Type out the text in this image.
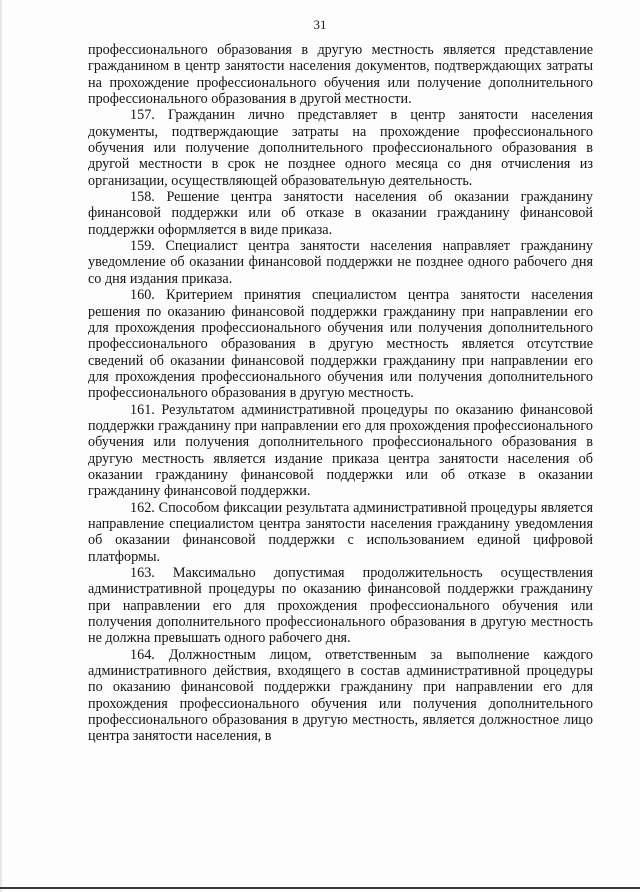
31

профессионального образования в другую местность является представление гражданином в центр занятости населения документов, подтверждающих затраты на прохождение профессионального обучения или получение дополнительного профессионального образования в другой местности.

157. Гражданин лично представляет в центр занятости населения документы, подтверждающие затраты на прохождение профессионального обучения или получение дополнительного профессионального образования в другой местности в срок не позднее одного месяца со дня отчисления из организации, осуществляющей образовательную деятельность.

158. Решение центра занятости населения об оказании гражданину финансовой поддержки или об отказе в оказании гражданину финансовой поддержки оформляется в виде приказа.

159. Специалист центра занятости населения направляет гражданину уведомление об оказании финансовой поддержки не позднее одного рабочего дня со дня издания приказа.

160. Критерием принятия специалистом центра занятости населения решения по оказанию финансовой поддержки гражданину при направлении его для прохождения профессионального обучения или получения дополнительного профессионального образования в другую местность является отсутствие сведений об оказании финансовой поддержки гражданину при направлении его для прохождения профессионального обучения или получения дополнительного профессионального образования в другую местность.

161. Результатом административной процедуры по оказанию финансовой поддержки гражданину при направлении его для прохождения профессионального обучения или получения дополнительного профессионального образования в другую местность является издание приказа центра занятости населения об оказании гражданину финансовой поддержки или об отказе в оказании гражданину финансовой поддержки.

162. Способом фиксации результата административной процедуры является направление специалистом центра занятости населения гражданину уведомления об оказании финансовой поддержки с использованием единой цифровой платформы.

163. Максимально допустимая продолжительность осуществления административной процедуры по оказанию финансовой поддержки гражданину при направлении его для прохождения профессионального обучения или получения дополнительного профессионального образования в другую местность не должна превышать одного рабочего дня.

164. Должностным лицом, ответственным за выполнение каждого административного действия, входящего в состав административной процедуры по оказанию финансовой поддержки гражданину при направлении его для прохождения профессионального обучения или получения дополнительного профессионального образования в другую местность, является должностное лицо центра занятости населения, в
